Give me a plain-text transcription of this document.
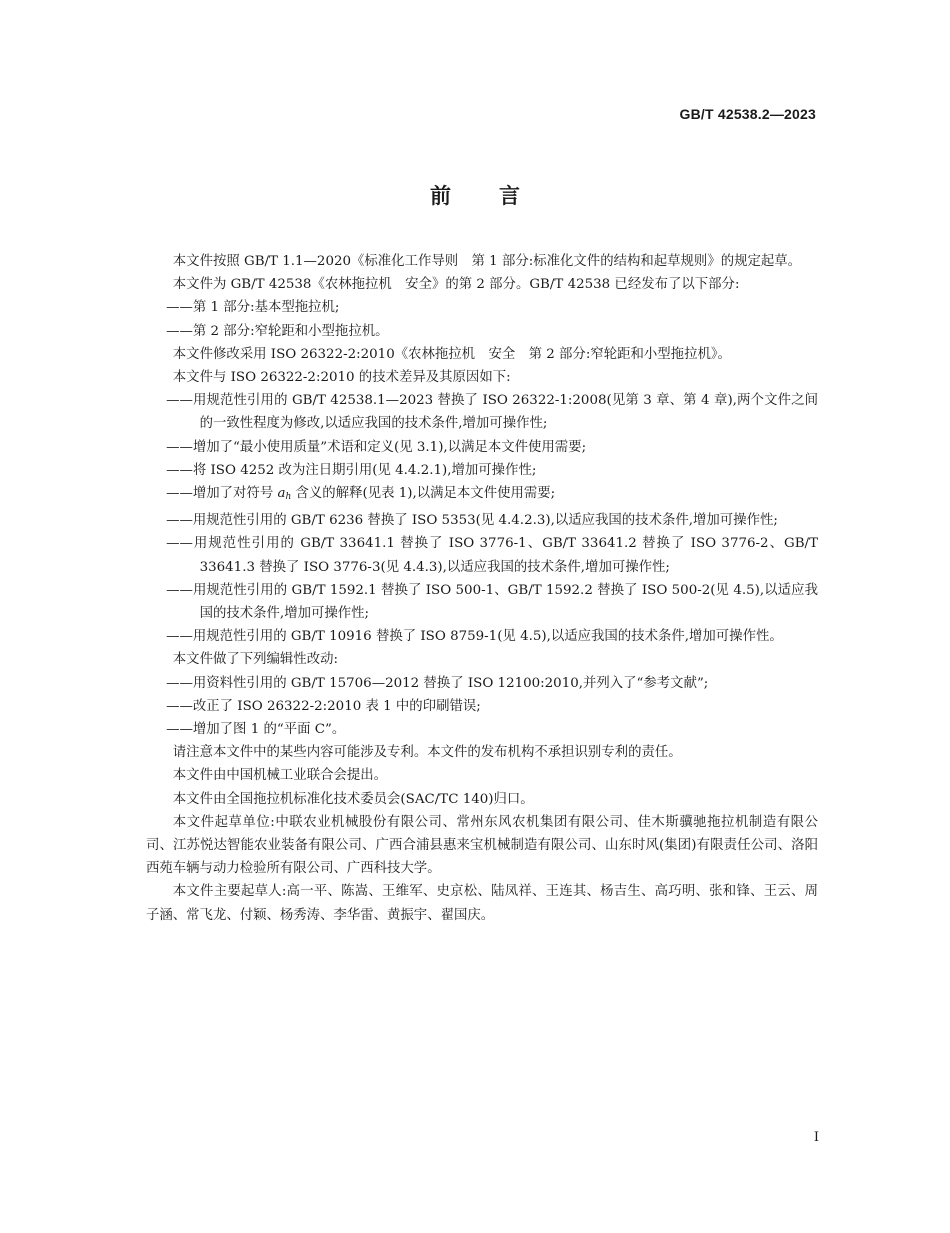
GB/T 42538.2—2023
前言

本文件按照 GB/T 1.1—2020《标准化工作导则　第 1 部分:标准化文件的结构和起草规则》的规定起草。

本文件为 GB/T 42538《农林拖拉机　安全》的第 2 部分。GB/T 42538 已经发布了以下部分:

——第 1 部分:基本型拖拉机;

——第 2 部分:窄轮距和小型拖拉机。

本文件修改采用 ISO 26322-2:2010《农林拖拉机　安全　第 2 部分:窄轮距和小型拖拉机》。

本文件与 ISO 26322-2:2010 的技术差异及其原因如下:

——用规范性引用的 GB/T 42538.1—2023 替换了 ISO 26322-1:2008(见第 3 章、第 4 章),两个文件之间的一致性程度为修改,以适应我国的技术条件,增加可操作性;

——增加了“最小使用质量”术语和定义(见 3.1),以满足本文件使用需要;

——将 ISO 4252 改为注日期引用(见 4.4.2.1),增加可操作性;

——增加了对符号 $a_h$ 含义的解释(见表 1),以满足本文件使用需要;

——用规范性引用的 GB/T 6236 替换了 ISO 5353(见 4.4.2.3),以适应我国的技术条件,增加可操作性;

——用规范性引用的 GB/T 33641.1 替换了 ISO 3776-1、GB/T 33641.2 替换了 ISO 3776-2、GB/T 33641.3 替换了 ISO 3776-3(见 4.4.3),以适应我国的技术条件,增加可操作性;

——用规范性引用的 GB/T 1592.1 替换了 ISO 500-1、GB/T 1592.2 替换了 ISO 500-2(见 4.5),以适应我国的技术条件,增加可操作性;

——用规范性引用的 GB/T 10916 替换了 ISO 8759-1(见 4.5),以适应我国的技术条件,增加可操作性。

本文件做了下列编辑性改动:

——用资料性引用的 GB/T 15706—2012 替换了 ISO 12100:2010,并列入了“参考文献”;

——改正了 ISO 26322-2:2010 表 1 中的印刷错误;

——增加了图 1 的“平面 C”。

请注意本文件中的某些内容可能涉及专利。本文件的发布机构不承担识别专利的责任。

本文件由中国机械工业联合会提出。

本文件由全国拖拉机标准化技术委员会(SAC/TC 140)归口。

本文件起草单位:中联农业机械股份有限公司、常州东风农机集团有限公司、佳木斯骥驰拖拉机制造有限公司、江苏悦达智能农业装备有限公司、广西合浦县惠来宝机械制造有限公司、山东时风(集团)有限责任公司、洛阳西苑车辆与动力检验所有限公司、广西科技大学。

本文件主要起草人:高一平、陈嵩、王维军、史京松、陆凤祥、王连其、杨吉生、高巧明、张和锋、王云、周子涵、常飞龙、付颖、杨秀涛、李华雷、黄振宇、翟国庆。

I
